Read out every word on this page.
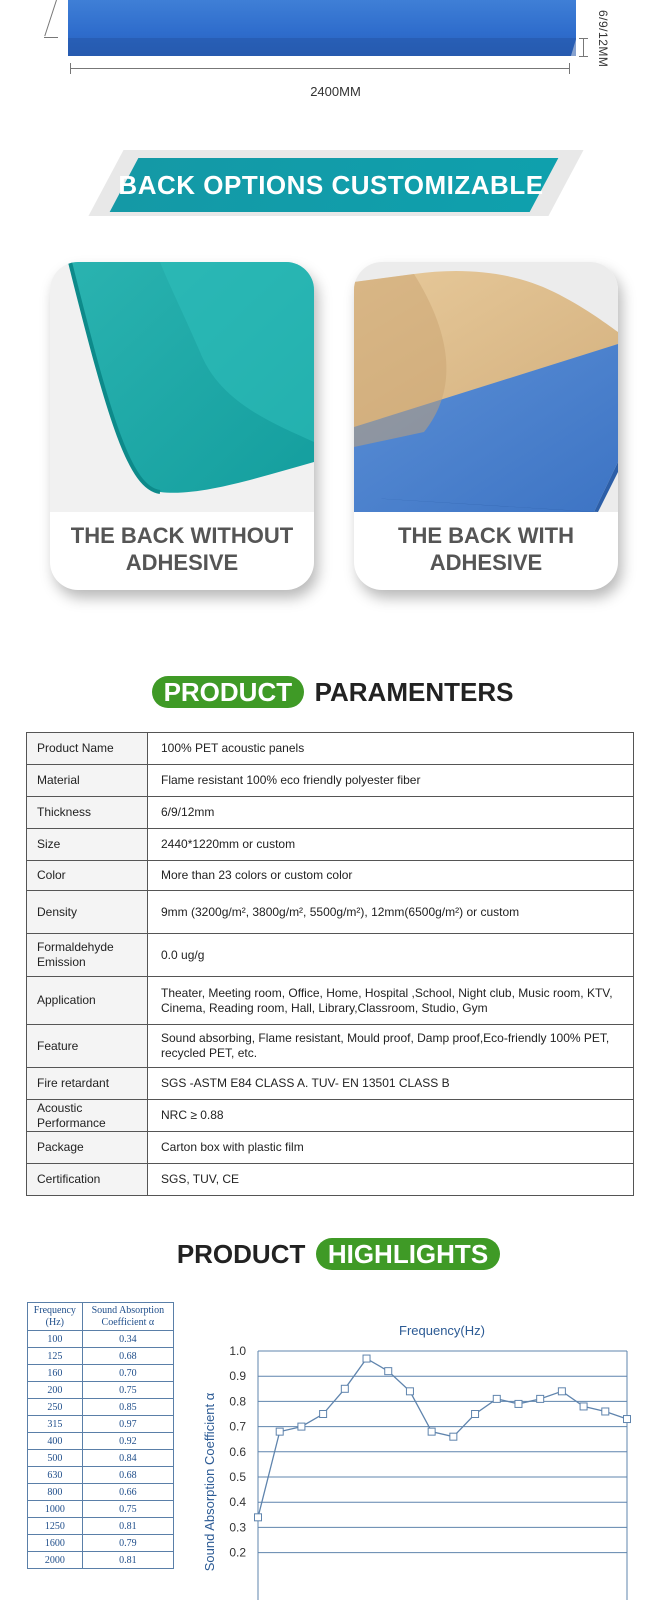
2400MM
6/9/12MM
BACK OPTIONS CUSTOMIZABLE
THE BACK WITHOUT
ADHESIVE
THE BACK WITH
ADHESIVE
PRODUCT PARAMENTERS
Product Name	100% PET acoustic panels
Material	Flame resistant 100% eco friendly polyester fiber
Thickness	6/9/12mm
Size	2440*1220mm or custom
Color	More than 23 colors or custom color
Density	9mm (3200g/m², 3800g/m², 5500g/m²), 12mm(6500g/m²) or custom
Formaldehyde Emission	0.0 ug/g
Application	Theater, Meeting room, Office, Home, Hospital ,School, Night club, Music room, KTV, Cinema, Reading room, Hall, Library,Classroom, Studio, Gym
Feature	Sound absorbing, Flame resistant, Mould proof, Damp proof,Eco-friendly 100% PET, recycled PET, etc.
Fire retardant	SGS -ASTM E84 CLASS A. TUV- EN 13501 CLASS B
Acoustic Performance	NRC ≥ 0.88
Package	Carton box with plastic film
Certification	SGS, TUV, CE
PRODUCT HIGHLIGHTS
Frequency (Hz)	Sound Absorption Coefficient α
100	0.34
125	0.68
160	0.70
200	0.75
250	0.85
315	0.97
400	0.92
500	0.84
630	0.68
800	0.66
1000	0.75
1250	0.81
1600	0.79
2000	0.81
Frequency(Hz)
Sound Absorption Coefficient α
1.0
0.9
0.8
0.7
0.6
0.5
0.4
0.3
0.2
